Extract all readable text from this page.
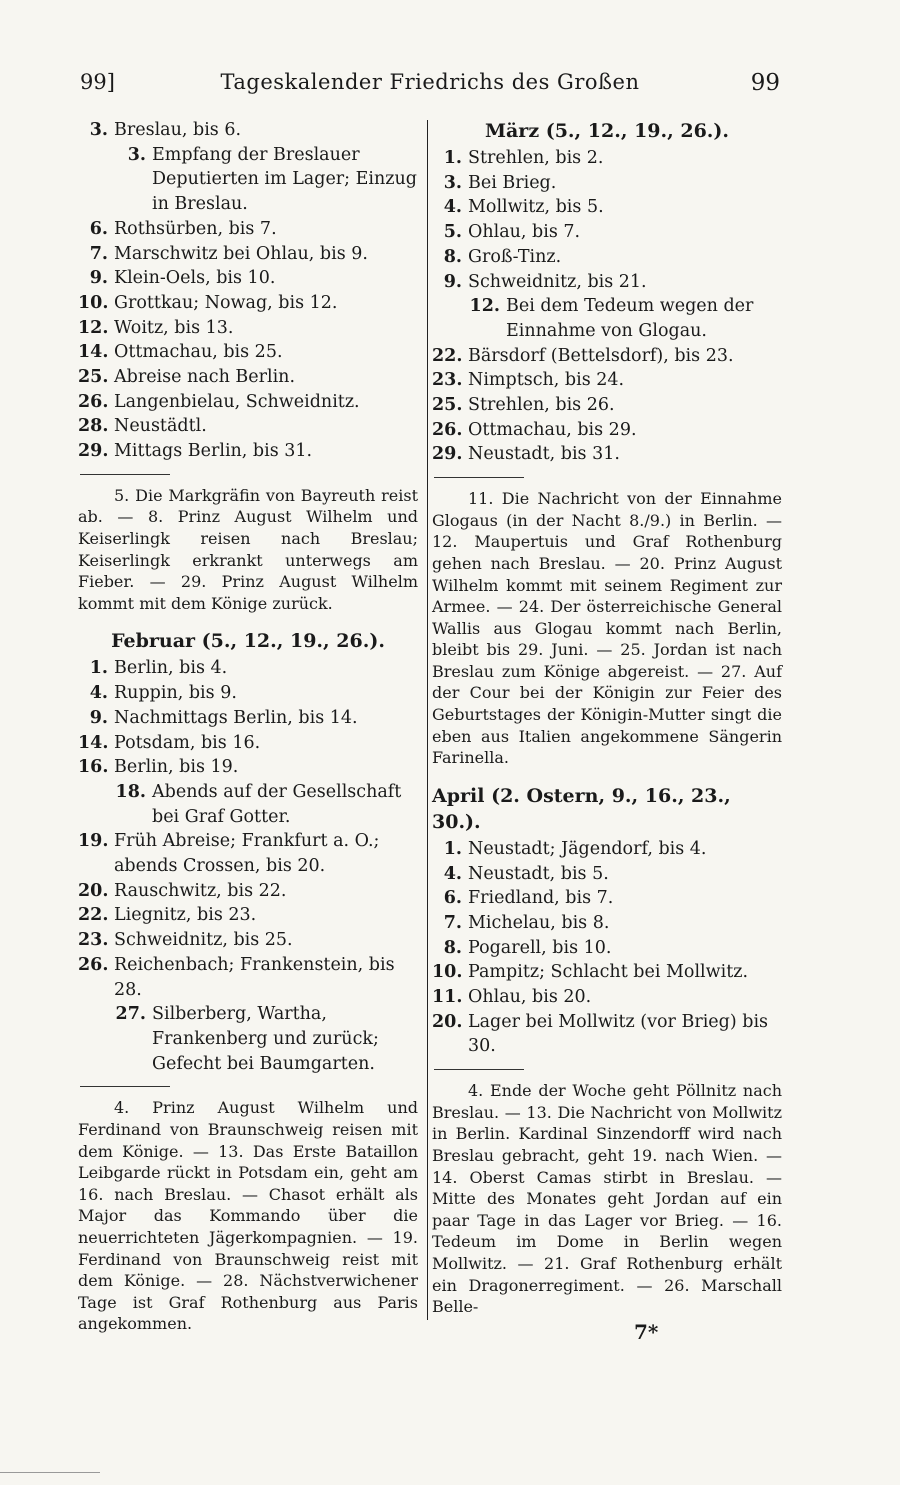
99]	Tageskalender Friedrichs des Großen	99
3. Breslau, bis 6.
3. Empfang der Breslauer Deputierten im Lager; Einzug in Breslau.
6. Rothsürben, bis 7.
7. Marschwitz bei Ohlau, bis 9.
9. Klein-Oels, bis 10.
10. Grottkau; Nowag, bis 12.
12. Woitz, bis 13.
14. Ottmachau, bis 25.
25. Abreise nach Berlin.
26. Langenbielau, Schweidnitz.
28. Neustädtl.
29. Mittags Berlin, bis 31.

5. Die Markgräfin von Bayreuth reist ab. — 8. Prinz August Wilhelm und Keiserlingk reisen nach Breslau; Keiserlingk erkrankt unterwegs am Fieber. — 29. Prinz August Wilhelm kommt mit dem Könige zurück.

Februar (5., 12., 19., 26.).
1. Berlin, bis 4.
4. Ruppin, bis 9.
9. Nachmittags Berlin, bis 14.
14. Potsdam, bis 16.
16. Berlin, bis 19.
18. Abends auf der Gesellschaft bei Graf Gotter.
19. Früh Abreise; Frankfurt a. O.; abends Crossen, bis 20.
20. Rauschwitz, bis 22.
22. Liegnitz, bis 23.
23. Schweidnitz, bis 25.
26. Reichenbach; Frankenstein, bis 28.
27. Silberberg, Wartha, Frankenberg und zurück; Gefecht bei Baumgarten.

4. Prinz August Wilhelm und Ferdinand von Braunschweig reisen mit dem Könige. — 13. Das Erste Bataillon Leibgarde rückt in Potsdam ein, geht am 16. nach Breslau. — Chasot erhält als Major das Kommando über die neuerrichteten Jägerkompagnien. — 19. Ferdinand von Braunschweig reist mit dem Könige. — 28. Nächstverwichener Tage ist Graf Rothenburg aus Paris angekommen.

März (5., 12., 19., 26.).
1. Strehlen, bis 2.
3. Bei Brieg.
4. Mollwitz, bis 5.
5. Ohlau, bis 7.
8. Groß-Tinz.
9. Schweidnitz, bis 21.
12. Bei dem Tedeum wegen der Einnahme von Glogau.
22. Bärsdorf (Bettelsdorf), bis 23.
23. Nimptsch, bis 24.
25. Strehlen, bis 26.
26. Ottmachau, bis 29.
29. Neustadt, bis 31.

11. Die Nachricht von der Einnahme Glogaus (in der Nacht 8./9.) in Berlin. — 12. Maupertuis und Graf Rothenburg gehen nach Breslau. — 20. Prinz August Wilhelm kommt mit seinem Regiment zur Armee. — 24. Der österreichische General Wallis aus Glogau kommt nach Berlin, bleibt bis 29. Juni. — 25. Jordan ist nach Breslau zum Könige abgereist. — 27. Auf der Cour bei der Königin zur Feier des Geburtstages der Königin-Mutter singt die eben aus Italien angekommene Sängerin Farinella.

April (2. Ostern, 9., 16., 23., 30.).
1. Neustadt; Jägendorf, bis 4.
4. Neustadt, bis 5.
6. Friedland, bis 7.
7. Michelau, bis 8.
8. Pogarell, bis 10.
10. Pampitz; Schlacht bei Mollwitz.
11. Ohlau, bis 20.
20. Lager bei Mollwitz (vor Brieg) bis 30.

4. Ende der Woche geht Pöllnitz nach Breslau. — 13. Die Nachricht von Mollwitz in Berlin. Kardinal Sinzendorff wird nach Breslau gebracht, geht 19. nach Wien. — 14. Oberst Camas stirbt in Breslau. — Mitte des Monates geht Jordan auf ein paar Tage in das Lager vor Brieg. — 16. Tedeum im Dome in Berlin wegen Mollwitz. — 21. Graf Rothenburg erhält ein Dragonerregiment. — 26. Marschall Belle-

7*
